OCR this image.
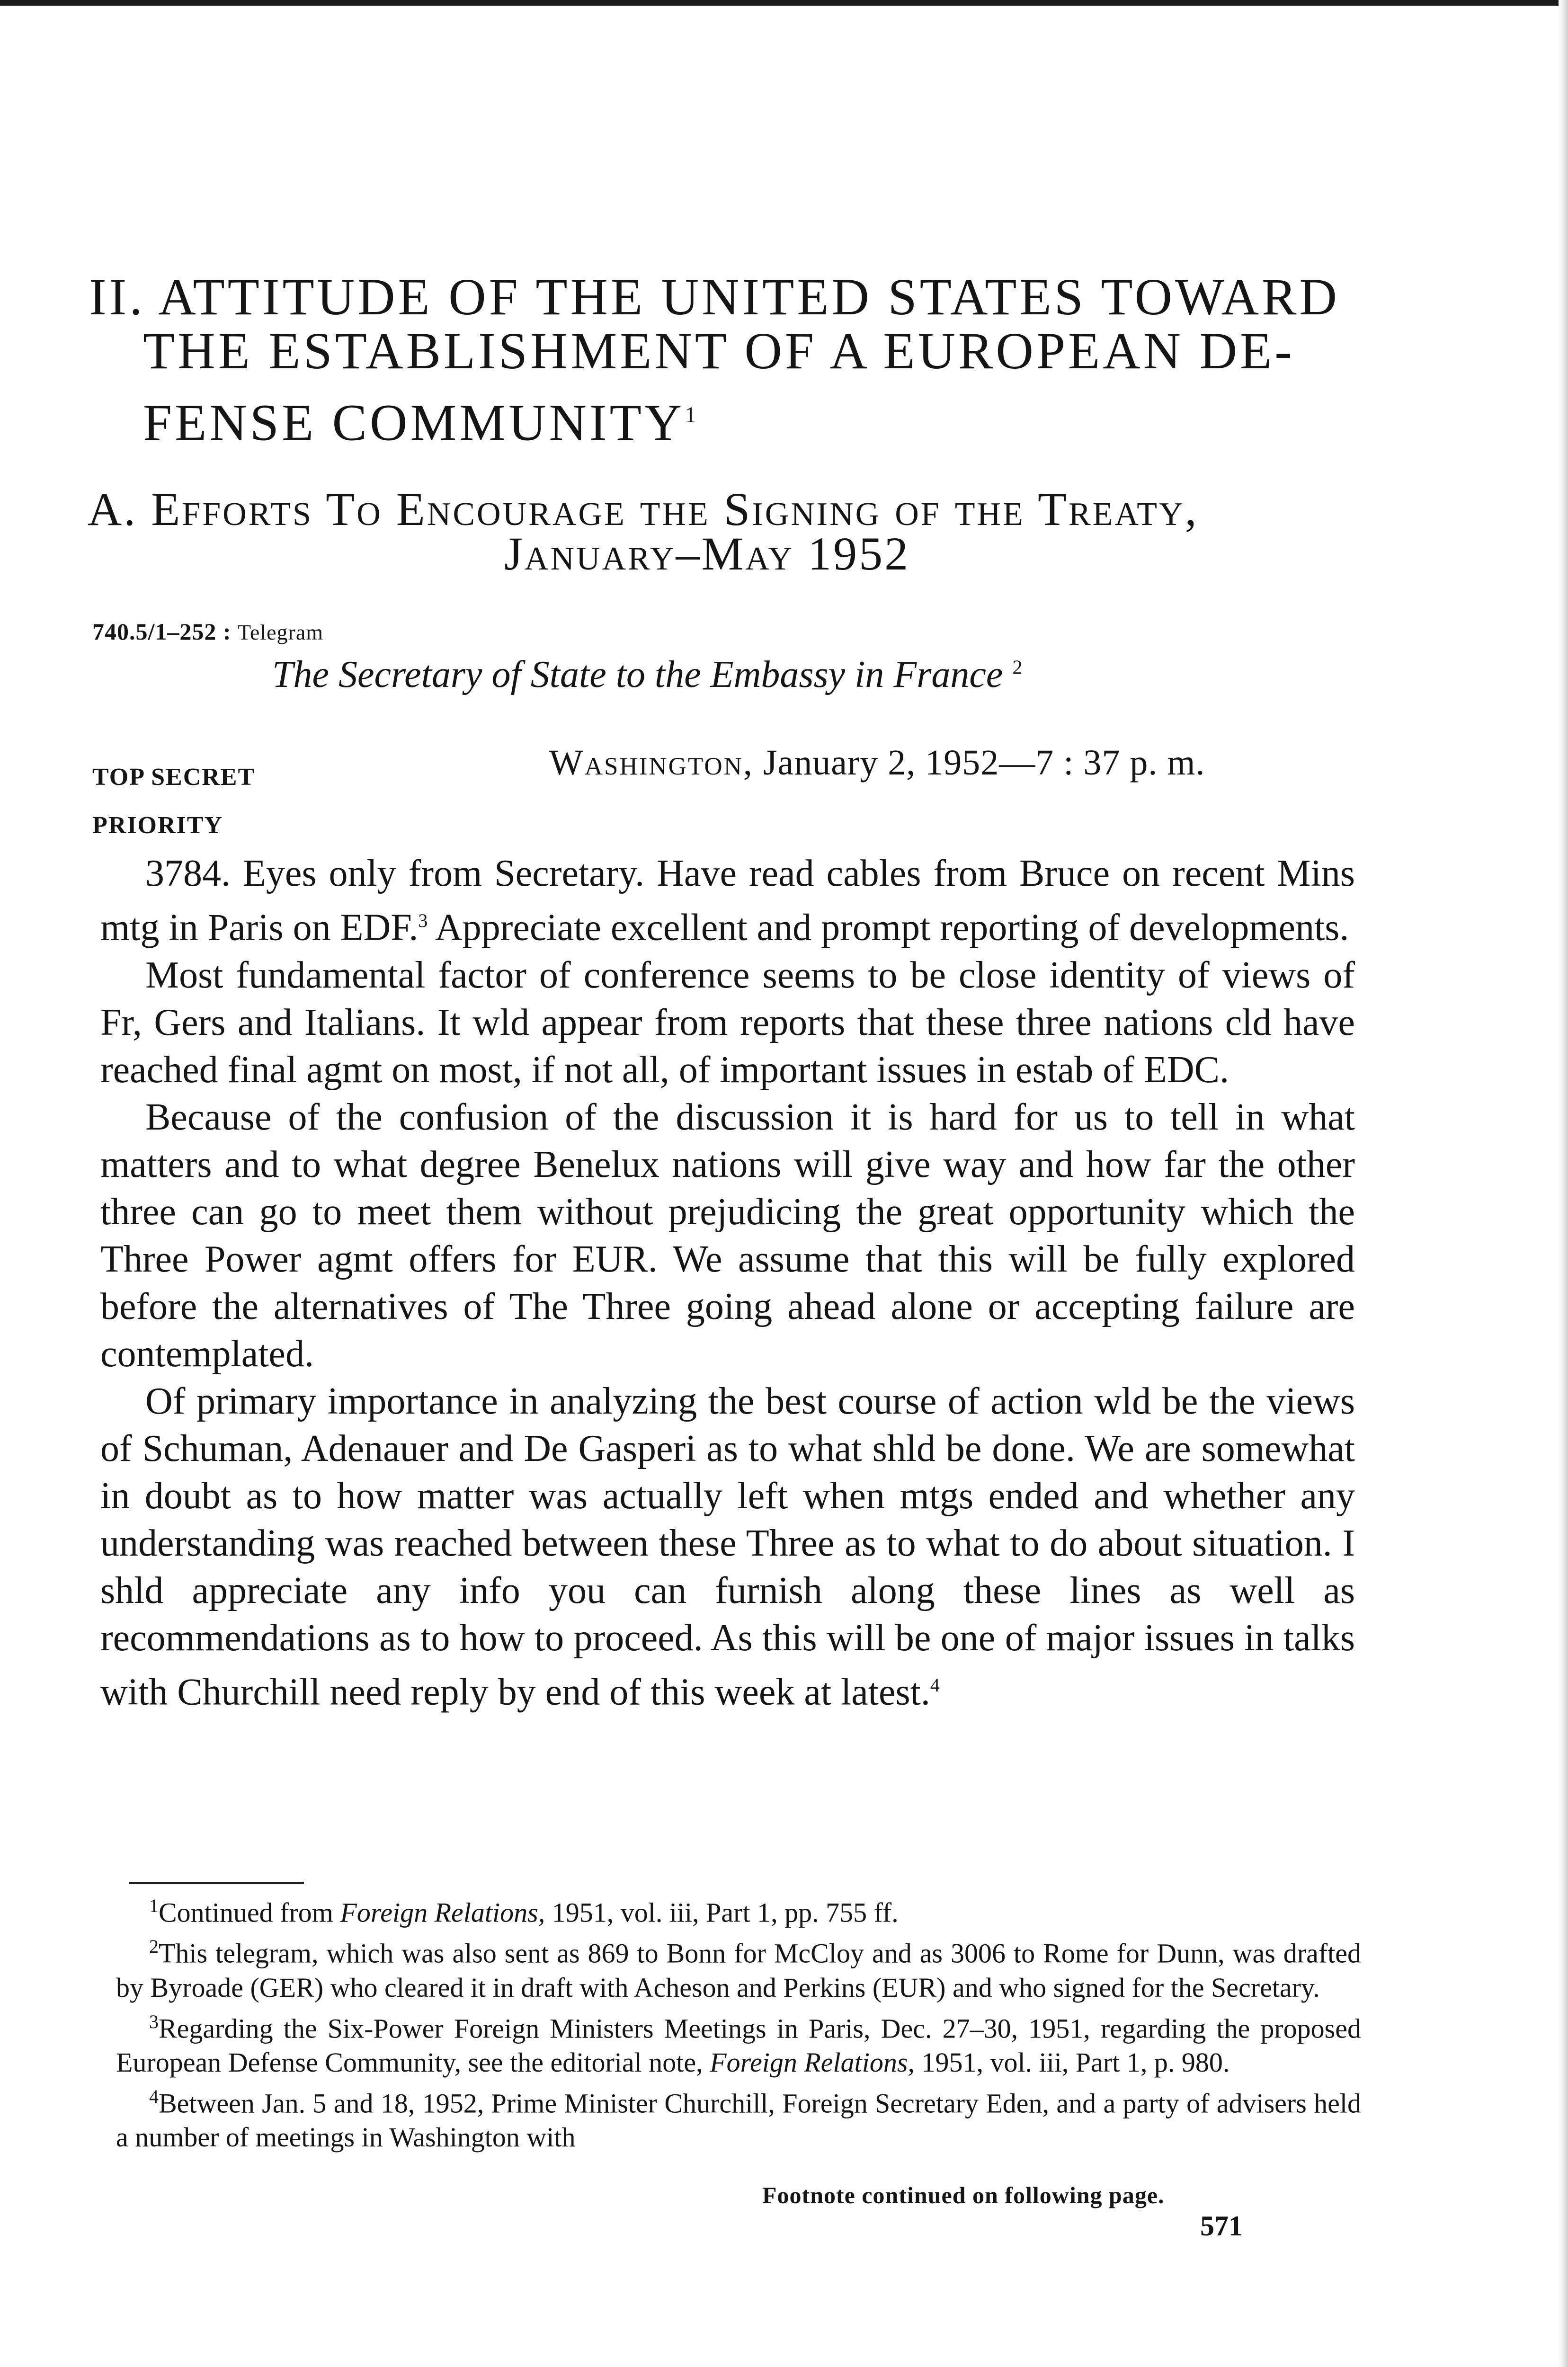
II. ATTITUDE OF THE UNITED STATES TOWARD
THE ESTABLISHMENT OF A EUROPEAN DE-
FENSE COMMUNITY$^1$
A. Efforts To Encourage the Signing of the Treaty,
January–May 1952
740.5/1–252 : Telegram
The Secretary of State to the Embassy in France $^2$
TOP SECRET	Washington, January 2, 1952—7 : 37 p. m.
PRIORITY

3784. Eyes only from Secretary. Have read cables from Bruce on recent Mins mtg in Paris on EDF.$^3$ Appreciate excellent and prompt reporting of developments.

Most fundamental factor of conference seems to be close identity of views of Fr, Gers and Italians. It wld appear from reports that these three nations cld have reached final agmt on most, if not all, of important issues in estab of EDC.

Because of the confusion of the discussion it is hard for us to tell in what matters and to what degree Benelux nations will give way and how far the other three can go to meet them without prejudicing the great opportunity which the Three Power agmt offers for EUR. We assume that this will be fully explored before the alternatives of The Three going ahead alone or accepting failure are contemplated.

Of primary importance in analyzing the best course of action wld be the views of Schuman, Adenauer and De Gasperi as to what shld be done. We are somewhat in doubt as to how matter was actually left when mtgs ended and whether any understanding was reached between these Three as to what to do about situation. I shld appreciate any info you can furnish along these lines as well as recommendations as to how to proceed. As this will be one of major issues in talks with Churchill need reply by end of this week at latest.$^4$

$^1$Continued from Foreign Relations, 1951, vol. iii, Part 1, pp. 755 ff.

$^2$This telegram, which was also sent as 869 to Bonn for McCloy and as 3006 to Rome for Dunn, was drafted by Byroade (GER) who cleared it in draft with Acheson and Perkins (EUR) and who signed for the Secretary.

$^3$Regarding the Six-Power Foreign Ministers Meetings in Paris, Dec. 27–30, 1951, regarding the proposed European Defense Community, see the editorial note, Foreign Relations, 1951, vol. iii, Part 1, p. 980.

$^4$Between Jan. 5 and 18, 1952, Prime Minister Churchill, Foreign Secretary Eden, and a party of advisers held a number of meetings in Washington with

Footnote continued on following page.
571
